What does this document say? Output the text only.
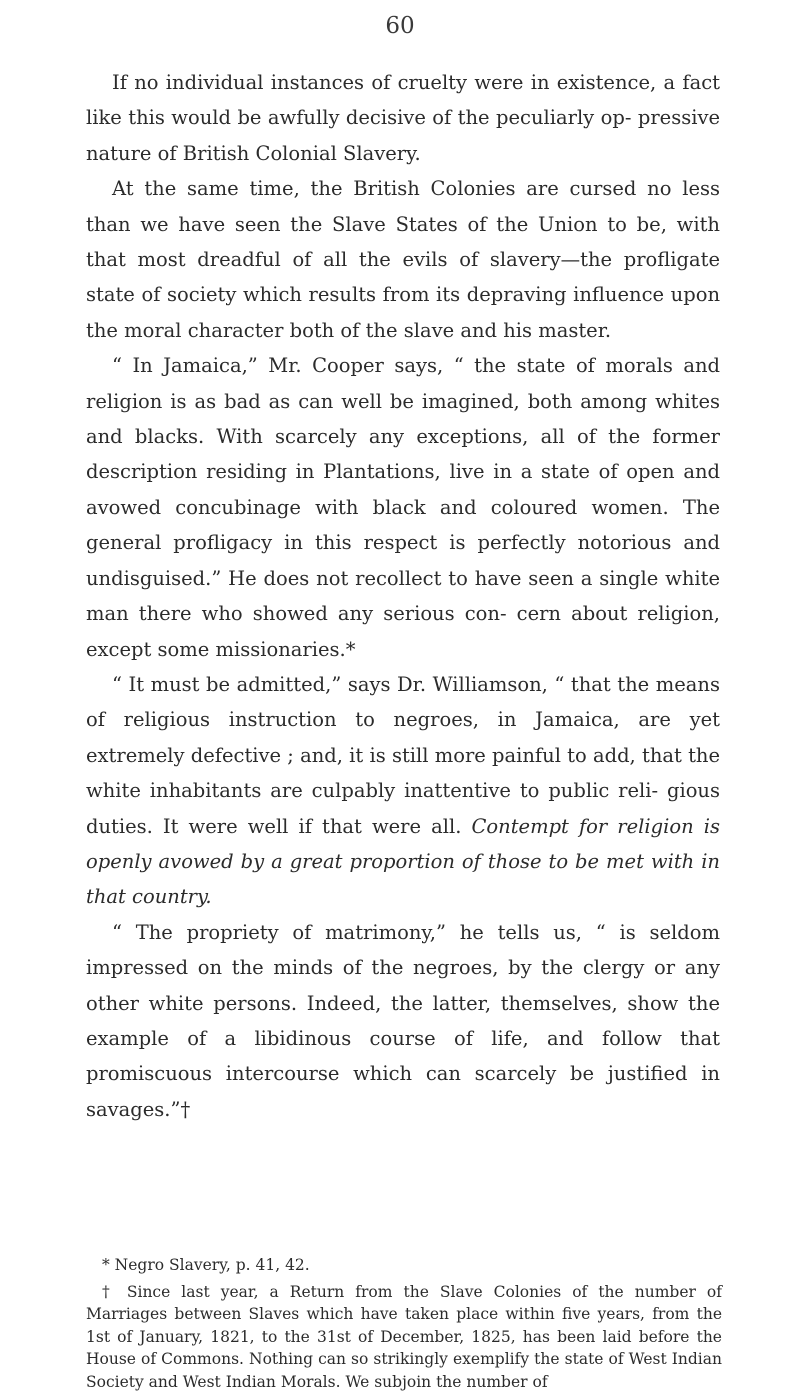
60

If no individual instances of cruelty were in existence, a fact like this would be awfully decisive of the peculiarly op- pressive nature of British Colonial Slavery.

At the same time, the British Colonies are cursed no less than we have seen the Slave States of the Union to be, with that most dreadful of all the evils of slavery—the profligate state of society which results from its depraving influence upon the moral character both of the slave and his master.

“ In Jamaica,” Mr. Cooper says, “ the state of morals and religion is as bad as can well be imagined, both among whites and blacks. With scarcely any exceptions, all of the former description residing in Plantations, live in a state of open and avowed concubinage with black and coloured women. The general profligacy in this respect is perfectly notorious and undisguised.” He does not recollect to have seen a single white man there who showed any serious con- cern about religion, except some missionaries.*

“ It must be admitted,” says Dr. Williamson, “ that the means of religious instruction to negroes, in Jamaica, are yet extremely defective ; and, it is still more painful to add, that the white inhabitants are culpably inattentive to public reli- gious duties. It were well if that were all. Contempt for religion is openly avowed by a great proportion of those to be met with in that country.

“ The propriety of matrimony,” he tells us, “ is seldom impressed on the minds of the negroes, by the clergy or any other white persons. Indeed, the latter, themselves, show the example of a libidinous course of life, and follow that promiscuous intercourse which can scarcely be justified in savages.”†

* Negro Slavery, p. 41, 42.

† Since last year, a Return from the Slave Colonies of the number of Marriages between Slaves which have taken place within five years, from the 1st of January, 1821, to the 31st of December, 1825, has been laid before the House of Commons. Nothing can so strikingly exemplify the state of West Indian Society and West Indian Morals. We subjoin the number of
